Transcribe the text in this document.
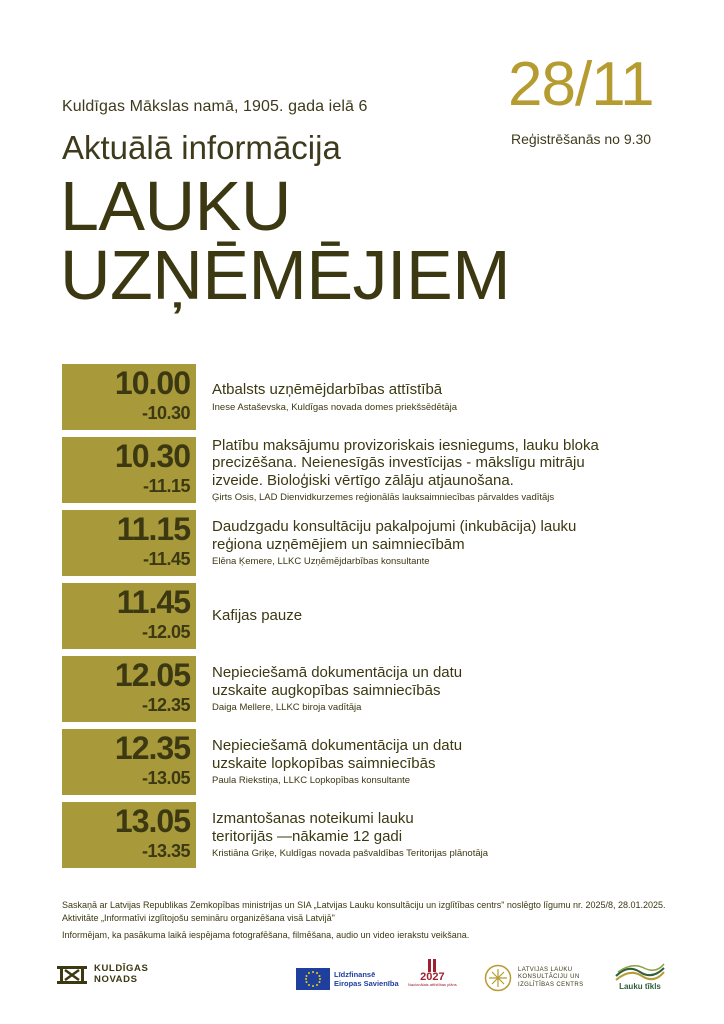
Kuldīgas Mākslas namā, 1905. gada ielā 6 28/11
Reģistrēšanās no 9.30
Aktuālā informācija
LAUKU
UZŅĒMĒJIEM
10.00
-10.30
Atbalsts uzņēmējdarbības attīstībā
Inese Astaševska, Kuldīgas novada domes priekšsēdētāja
10.30
-11.15
Platību maksājumu provizoriskais iesniegums, lauku bloka precizēšana. Neienesīgās investīcijas - mākslīgu mitrāju izveide. Bioloģiski vērtīgo zālāju atjaunošana.
Ģirts Osis, LAD Dienvidkurzemes reģionālās lauksaimniecības pārvaldes vadītājs
11.15
-11.45
Daudzgadu konsultāciju pakalpojumi (inkubācija) lauku reģiona uzņēmējiem un saimniecībām
Elēna Ķemere, LLKC Uzņēmējdarbības konsultante
11.45
-12.05
Kafijas pauze
12.05
-12.35
Nepieciešamā dokumentācija un datu uzskaite augkopības saimniecībās
Daiga Mellere, LLKC biroja vadītāja
12.35
-13.05
Nepieciešamā dokumentācija un datu uzskaite lopkopības saimniecībās
Paula Riekstiņa, LLKC Lopkopības konsultante
13.05
-13.35
Izmantošanas noteikumi lauku teritorijās —nākamie 12 gadi
Kristiāna Griķe, Kuldīgas novada pašvaldības Teritorijas plānotāja

Saskaņā ar Latvijas Republikas Zemkopības ministrijas un SIA „Latvijas Lauku konsultāciju un izglītības centrs" noslēgto līgumu nr. 2025/8, 28.01.2025. Aktivitāte „Informatīvi izglītojošu semināru organizēšana visā Latvijā"

Informējam, ka pasākuma laikā iespējama fotografēšana, filmēšana, audio un video ierakstu veikšana.

KULDĪGAS
NOVADS	Līdzfinansē
Eiropas Savienība
2027
Nacionālais attīstības plāns
LATVIJAS LAUKU
KONSULTĀCIJU UN
IZGLĪTĪBAS CENTRS	Lauku tīkls
